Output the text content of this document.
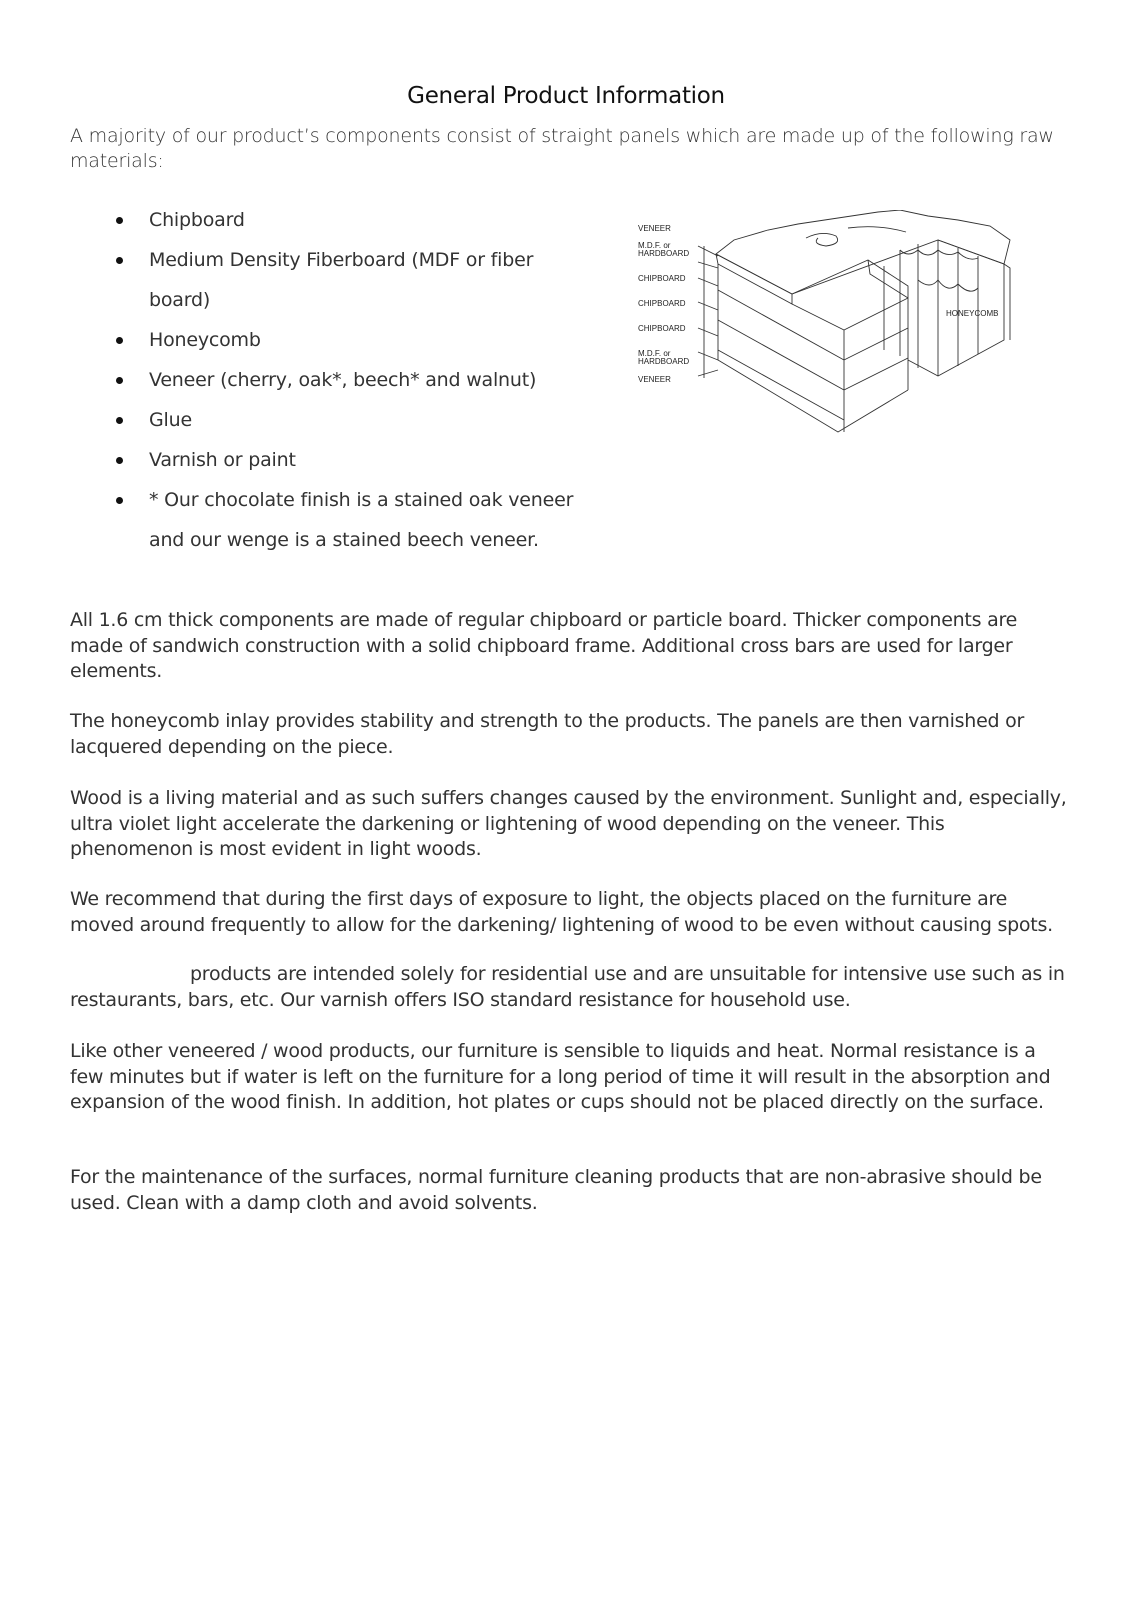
General Product Information

A majority of our product’s components consist of straight panels which are made up of the following raw materials:

Chipboard
Medium Density Fiberboard (MDF or fiber board)
Honeycomb
Veneer (cherry, oak*, beech* and walnut)
Glue
Varnish or paint
* Our chocolate finish is a stained oak veneer and our wenge is a stained beech veneer.
VENEER
M.D.F. or
HARDBOARD
CHIPBOARD
CHIPBOARD
CHIPBOARD
M.D.F. or
HARDBOARD
VENEER
HONEYCOMB

All 1.6 cm thick components are made of regular chipboard or particle board. Thicker components are made of sandwich construction with a solid chipboard frame. Additional cross bars are used for larger elements.

The honeycomb inlay provides stability and strength to the products. The panels are then varnished or lacquered depending on the piece.

Wood is a living material and as such suffers changes caused by the environment. Sunlight and, especially, ultra violet light accelerate the darkening or lightening of wood depending on the veneer. This phenomenon is most evident in light woods.

We recommend that during the first days of exposure to light, the objects placed on the furniture are moved around frequently to allow for the darkening/ lightening of wood to be even without causing spots.

products are intended solely for residential use and are unsuitable for intensive use such as in restaurants, bars, etc. Our varnish offers ISO standard resistance for household use.

Like other veneered / wood products, our furniture is sensible to liquids and heat. Normal resistance is a few minutes but if water is left on the furniture for a long period of time it will result in the absorption and expansion of the wood finish. In addition, hot plates or cups should not be placed directly on the surface.

For the maintenance of the surfaces, normal furniture cleaning products that are non-abrasive should be used. Clean with a damp cloth and avoid solvents.
